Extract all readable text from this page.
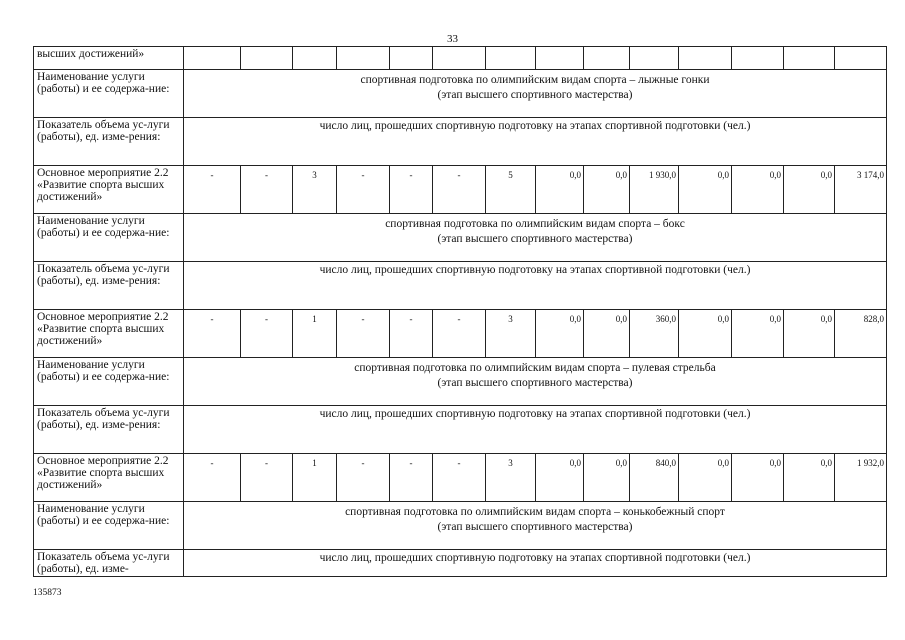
33
высших достижений»														
Наименование услуги (работы) и ее содержа-ние:	спортивная подготовка по олимпийским видам спорта – лыжные гонки
(этап высшего спортивного мастерства)													

Показатель объема ус-луги (работы), ед. изме-рения:	число лиц, прошедших спортивную подготовку на этапах спортивной подготовки (чел.)													
Основное мероприятие 2.2 «Развитие спорта высших достижений»	-	-	3	-	-	-	5	0,0	0,0	1 930,0	0,0	0,0	0,0	3 174,0
Наименование услуги (работы) и ее содержа-ние:	спортивная подготовка по олимпийским видам спорта – бокс
(этап высшего спортивного мастерства)													

Показатель объема ус-луги (работы), ед. изме-рения:	число лиц, прошедших спортивную подготовку на этапах спортивной подготовки (чел.)													
Основное мероприятие 2.2 «Развитие спорта высших достижений»	-	-	1	-	-	-	3	0,0	0,0	360,0	0,0	0,0	0,0	828,0
Наименование услуги (работы) и ее содержа-ние:	спортивная подготовка по олимпийским видам спорта – пулевая стрельба
(этап высшего спортивного мастерства)													

Показатель объема ус-луги (работы), ед. изме-рения:	число лиц, прошедших спортивную подготовку на этапах спортивной подготовки (чел.)													
Основное мероприятие 2.2 «Развитие спорта высших достижений»	-	-	1	-	-	-	3	0,0	0,0	840,0	0,0	0,0	0,0	1 932,0
Наименование услуги (работы) и ее содержа-ние:	спортивная подготовка по олимпийским видам спорта – конькобежный спорт
(этап высшего спортивного мастерства)													

Показатель объема ус-луги (работы), ед. изме-	число лиц, прошедших спортивную подготовку на этапах спортивной подготовки (чел.)													
135873
